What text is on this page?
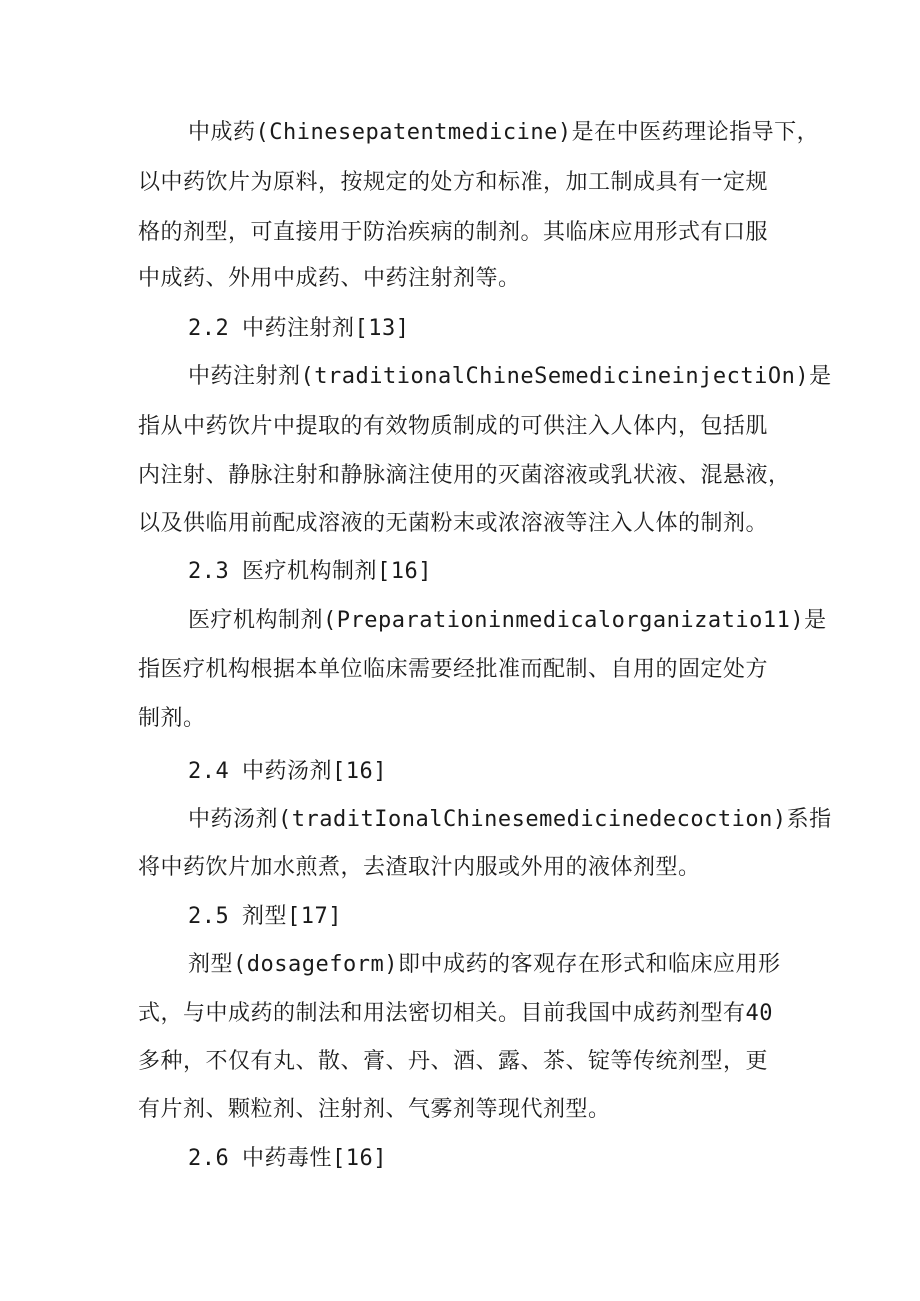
中成药(Chinesepatentmedicine)是在中医药理论指导下，
以中药饮片为原料，按规定的处方和标准，加工制成具有一定规
格的剂型，可直接用于防治疾病的制剂。其临床应用形式有口服
中成药、外用中成药、中药注射剂等。
2.2 中药注射剂[13]
中药注射剂(traditionalChineSemedicineinjectiOn)是
指从中药饮片中提取的有效物质制成的可供注入人体内，包括肌
内注射、静脉注射和静脉滴注使用的灭菌溶液或乳状液、混悬液，
以及供临用前配成溶液的无菌粉末或浓溶液等注入人体的制剂。
2.3 医疗机构制剂[16]
医疗机构制剂(Preparationinmedicalorganizatio11)是
指医疗机构根据本单位临床需要经批准而配制、自用的固定处方
制剂。
2.4 中药汤剂[16]
中药汤剂(traditIonalChinesemedicinedecoction)系指
将中药饮片加水煎煮，去渣取汁内服或外用的液体剂型。
2.5 剂型[17]
剂型(dosageform)即中成药的客观存在形式和临床应用形
式，与中成药的制法和用法密切相关。目前我国中成药剂型有40
多种，不仅有丸、散、膏、丹、酒、露、茶、锭等传统剂型，更
有片剂、颗粒剂、注射剂、气雾剂等现代剂型。
2.6 中药毒性[16]
